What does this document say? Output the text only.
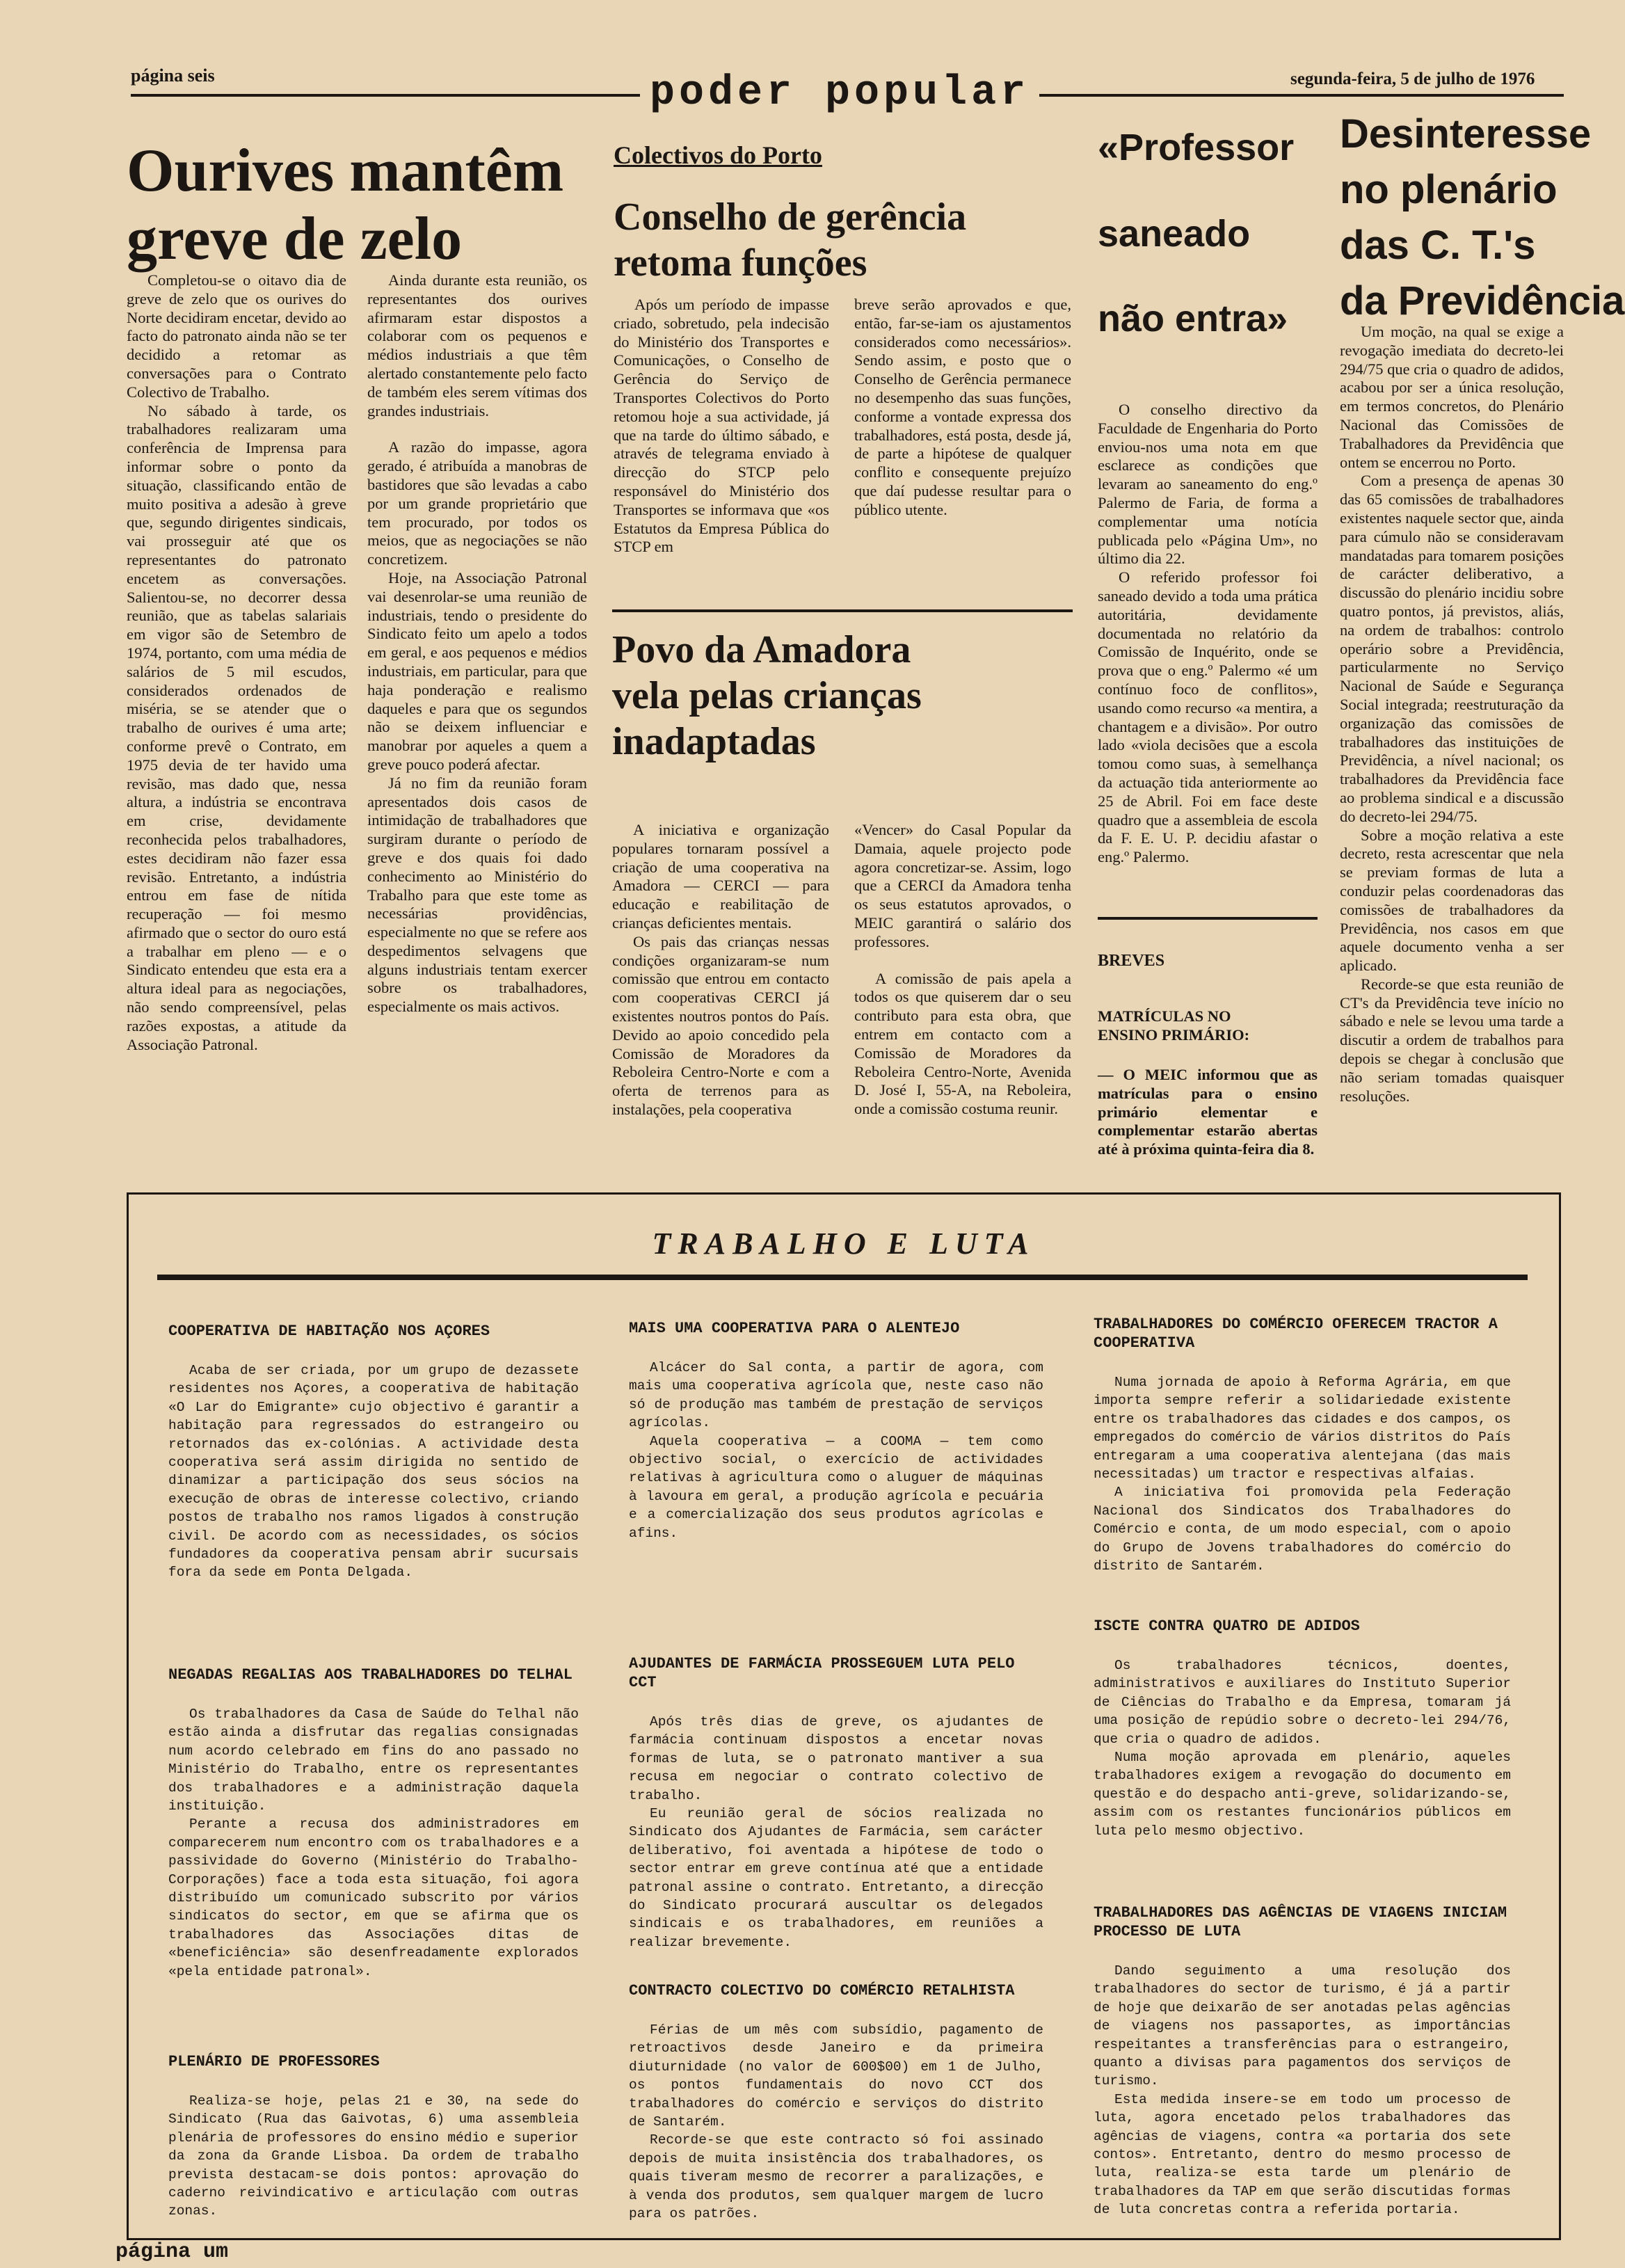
página seis	poder popular	segunda-feira, 5 de julho de 1976
Ourives mantêm
greve de zelo

Completou-se o oitavo dia de greve de zelo que os ourives do Norte decidiram encetar, devido ao facto do patronato ainda não se ter decidido a retomar as conversações para o Contrato Colectivo de Trabalho.

No sábado à tarde, os trabalhadores realizaram uma conferência de Imprensa para informar sobre o ponto da situação, classificando então de muito positiva a adesão à greve que, segundo dirigentes sindicais, vai prosseguir até que os representantes do patronato encetem as conversações. Salientou-se, no decorrer dessa reunião, que as tabelas salariais em vigor são de Setembro de 1974, portanto, com uma média de salários de 5 mil escudos, considerados ordenados de miséria, se se atender que o trabalho de ourives é uma arte; conforme prevê o Contrato, em 1975 devia de ter havido uma revisão, mas dado que, nessa altura, a indústria se encontrava em crise, devidamente reconhecida pelos trabalhadores, estes decidiram não fazer essa revisão. Entretanto, a indústria entrou em fase de nítida recuperação — foi mesmo afirmado que o sector do ouro está a trabalhar em pleno — e o Sindicato entendeu que esta era a altura ideal para as negociações, não sendo compreensível, pelas razões expostas, a atitude da Associação Patronal.

Ainda durante esta reunião, os representantes dos ourives afirmaram estar dispostos a colaborar com os pequenos e médios industriais a que têm alertado constantemente pelo facto de também eles serem vítimas dos grandes industriais.

A razão do impasse, agora gerado, é atribuída a manobras de bastidores que são levadas a cabo por um grande proprietário que tem procurado, por todos os meios, que as negociações se não concretizem.

Hoje, na Associação Patronal vai desenrolar-se uma reunião de industriais, tendo o presidente do Sindicato feito um apelo a todos em geral, e aos pequenos e médios industriais, em particular, para que haja ponderação e realismo daqueles e para que os segundos não se deixem influenciar e manobrar por aqueles a quem a greve pouco poderá afectar.

Já no fim da reunião foram apresentados dois casos de intimidação de trabalhadores que surgiram durante o período de greve e dos quais foi dado conhecimento ao Ministério do Trabalho para que este tome as necessárias providências, especialmente no que se refere aos despedimentos selvagens que alguns industriais tentam exercer sobre os trabalhadores, especialmente os mais activos.

Colectivos do Porto
Conselho de gerência
retoma funções

Após um período de impasse criado, sobretudo, pela indecisão do Ministério dos Transportes e Comunicações, o Conselho de Gerência do Serviço de Transportes Colectivos do Porto retomou hoje a sua actividade, já que na tarde do último sábado, e através de telegrama enviado à direcção do STCP pelo responsável do Ministério dos Transportes se informava que «os Estatutos da Empresa Pública do STCP em

breve serão aprovados e que, então, far-se-iam os ajustamentos considerados como necessários». Sendo assim, e posto que o Conselho de Gerência permanece no desempenho das suas funções, conforme a vontade expressa dos trabalhadores, está posta, desde já, de parte a hipótese de qualquer conflito e consequente prejuízo que daí pudesse resultar para o público utente.

Povo da Amadora
vela pelas crianças
inadaptadas

A iniciativa e organização populares tornaram possível a criação de uma cooperativa na Amadora — CERCI — para educação e reabilitação de crianças deficientes mentais.

Os pais das crianças nessas condições organizaram-se num comissão que entrou em contacto com cooperativas CERCI já existentes noutros pontos do País. Devido ao apoio concedido pela Comissão de Moradores da Reboleira Centro-Norte e com a oferta de terrenos para as instalações, pela cooperativa

«Vencer» do Casal Popular da Damaia, aquele projecto pode agora concretizar-se. Assim, logo que a CERCI da Amadora tenha os seus estatutos aprovados, o MEIC garantirá o salário dos professores.

A comissão de pais apela a todos os que quiserem dar o seu contributo para esta obra, que entrem em contacto com a Comissão de Moradores da Reboleira Centro-Norte, Avenida D. José I, 55-A, na Reboleira, onde a comissão costuma reunir.

«Professor
saneado
não entra»

O conselho directivo da Faculdade de Engenharia do Porto enviou-nos uma nota em que esclarece as condições que levaram ao saneamento do eng.º Palermo de Faria, de forma a complementar uma notícia publicada pelo «Página Um», no último dia 22.

O referido professor foi saneado devido a toda uma prática autoritária, devidamente documentada no relatório da Comissão de Inquérito, onde se prova que o eng.º Palermo «é um contínuo foco de conflitos», usando como recurso «a mentira, a chantagem e a divisão». Por outro lado «viola decisões que a escola tomou como suas, à semelhança da actuação tida anteriormente ao 25 de Abril. Foi em face deste quadro que a assembleia de escola da F. E. U. P. decidiu afastar o eng.º Palermo.

BREVES
MATRÍCULAS NO ENSINO PRIMÁRIO:
— O MEIC informou que as matrículas para o ensino primário elementar e complementar estarão abertas até à próxima quinta-feira dia 8.
Desinteresse
no plenário
das C. T.'s
da Previdência

Um moção, na qual se exige a revogação imediata do decreto-lei 294/75 que cria o quadro de adidos, acabou por ser a única resolução, em termos concretos, do Plenário Nacional das Comissões de Trabalhadores da Previdência que ontem se encerrou no Porto.

Com a presença de apenas 30 das 65 comissões de trabalhadores existentes naquele sector que, ainda para cúmulo não se consideravam mandatadas para tomarem posições de carácter deliberativo, a discussão do plenário incidiu sobre quatro pontos, já previstos, aliás, na ordem de trabalhos: controlo operário sobre a Previdência, particularmente no Serviço Nacional de Saúde e Segurança Social integrada; reestruturação da organização das comissões de trabalhadores das instituições de Previdência, a nível nacional; os trabalhadores da Previdência face ao problema sindical e a discussão do decreto-lei 294/75.

Sobre a moção relativa a este decreto, resta acrescentar que nela se previam formas de luta a conduzir pelas coordenadoras das comissões de trabalhadores da Previdência, nos casos em que aquele documento venha a ser aplicado.

Recorde-se que esta reunião de CT's da Previdência teve início no sábado e nele se levou uma tarde a discutir a ordem de trabalhos para depois se chegar à conclusão que não seriam tomadas quaisquer resoluções.

TRABALHO E LUTA

COOPERATIVA DE HABITAÇÃO NOS AÇORES

Acaba de ser criada, por um grupo de dezassete residentes nos Açores, a cooperativa de habitação «O Lar do Emigrante» cujo objectivo é garantir a habitação para regressados do estrangeiro ou retornados das ex-colónias. A actividade desta cooperativa será assim dirigida no sentido de dinamizar a participação dos seus sócios na execução de obras de interesse colectivo, criando postos de trabalho nos ramos ligados à construção civil. De acordo com as necessidades, os sócios fundadores da cooperativa pensam abrir sucursais fora da sede em Ponta Delgada.

NEGADAS REGALIAS AOS TRABALHADORES DO TELHAL

Os trabalhadores da Casa de Saúde do Telhal não estão ainda a disfrutar das regalias consignadas num acordo celebrado em fins do ano passado no Ministério do Trabalho, entre os representantes dos trabalhadores e a administração daquela instituição.

Perante a recusa dos administradores em comparecerem num encontro com os trabalhadores e a passividade do Governo (Ministério do Trabalho-Corporações) face a toda esta situação, foi agora distribuído um comunicado subscrito por vários sindicatos do sector, em que se afirma que os trabalhadores das Associações ditas de «beneficiência» são desenfreadamente explorados «pela entidade patronal».

PLENÁRIO DE PROFESSORES

Realiza-se hoje, pelas 21 e 30, na sede do Sindicato (Rua das Gaivotas, 6) uma assembleia plenária de professores do ensino médio e superior da zona da Grande Lisboa. Da ordem de trabalho prevista destacam-se dois pontos: aprovação do caderno reivindicativo e articulação com outras zonas.

MAIS UMA COOPERATIVA PARA O ALENTEJO

Alcácer do Sal conta, a partir de agora, com mais uma cooperativa agrícola que, neste caso não só de produção mas também de prestação de serviços agrícolas.

Aquela cooperativa — a COOMA — tem como objectivo social, o exercício de actividades relativas à agricultura como o aluguer de máquinas à lavoura em geral, a produção agrícola e pecuária e a comercialização dos seus produtos agrícolas e afins.

AJUDANTES DE FARMÁCIA PROSSEGUEM LUTA PELO CCT

Após três dias de greve, os ajudantes de farmácia continuam dispostos a encetar novas formas de luta, se o patronato mantiver a sua recusa em negociar o contrato colectivo de trabalho.

Eu reunião geral de sócios realizada no Sindicato dos Ajudantes de Farmácia, sem carácter deliberativo, foi aventada a hipótese de todo o sector entrar em greve contínua até que a entidade patronal assine o contrato. Entretanto, a direcção do Sindicato procurará auscultar os delegados sindicais e os trabalhadores, em reuniões a realizar brevemente.

CONTRACTO COLECTIVO DO COMÉRCIO RETALHISTA

Férias de um mês com subsídio, pagamento de retroactivos desde Janeiro e da primeira diuturnidade (no valor de 600$00) em 1 de Julho, os pontos fundamentais do novo CCT dos trabalhadores do comércio e serviços do distrito de Santarém.

Recorde-se que este contracto só foi assinado depois de muita insistência dos trabalhadores, os quais tiveram mesmo de recorrer a paralizações, e à venda dos produtos, sem qualquer margem de lucro para os patrões.

TRABALHADORES DO COMÉRCIO OFERECEM TRACTOR A COOPERATIVA

Numa jornada de apoio à Reforma Agrária, em que importa sempre referir a solidariedade existente entre os trabalhadores das cidades e dos campos, os empregados do comércio de vários distritos do País entregaram a uma cooperativa alentejana (das mais necessitadas) um tractor e respectivas alfaias.

A iniciativa foi promovida pela Federação Nacional dos Sindicatos dos Trabalhadores do Comércio e conta, de um modo especial, com o apoio do Grupo de Jovens trabalhadores do comércio do distrito de Santarém.

ISCTE CONTRA QUATRO DE ADIDOS

Os trabalhadores técnicos, doentes, administrativos e auxiliares do Instituto Superior de Ciências do Trabalho e da Empresa, tomaram já uma posição de repúdio sobre o decreto-lei 294/76, que cria o quadro de adidos.

Numa moção aprovada em plenário, aqueles trabalhadores exigem a revogação do documento em questão e do despacho anti-greve, solidarizando-se, assim com os restantes funcionários públicos em luta pelo mesmo objectivo.

TRABALHADORES DAS AGÊNCIAS DE VIAGENS INICIAM PROCESSO DE LUTA

Dando seguimento a uma resolução dos trabalhadores do sector de turismo, é já a partir de hoje que deixarão de ser anotadas pelas agências de viagens nos passaportes, as importâncias respeitantes a transferências para o estrangeiro, quanto a divisas para pagamentos dos serviços de turismo.

Esta medida insere-se em todo um processo de luta, agora encetado pelos trabalhadores das agências de viagens, contra «a portaria dos sete contos». Entretanto, dentro do mesmo processo de luta, realiza-se esta tarde um plenário de trabalhadores da TAP em que serão discutidas formas de luta concretas contra a referida portaria.

página um
